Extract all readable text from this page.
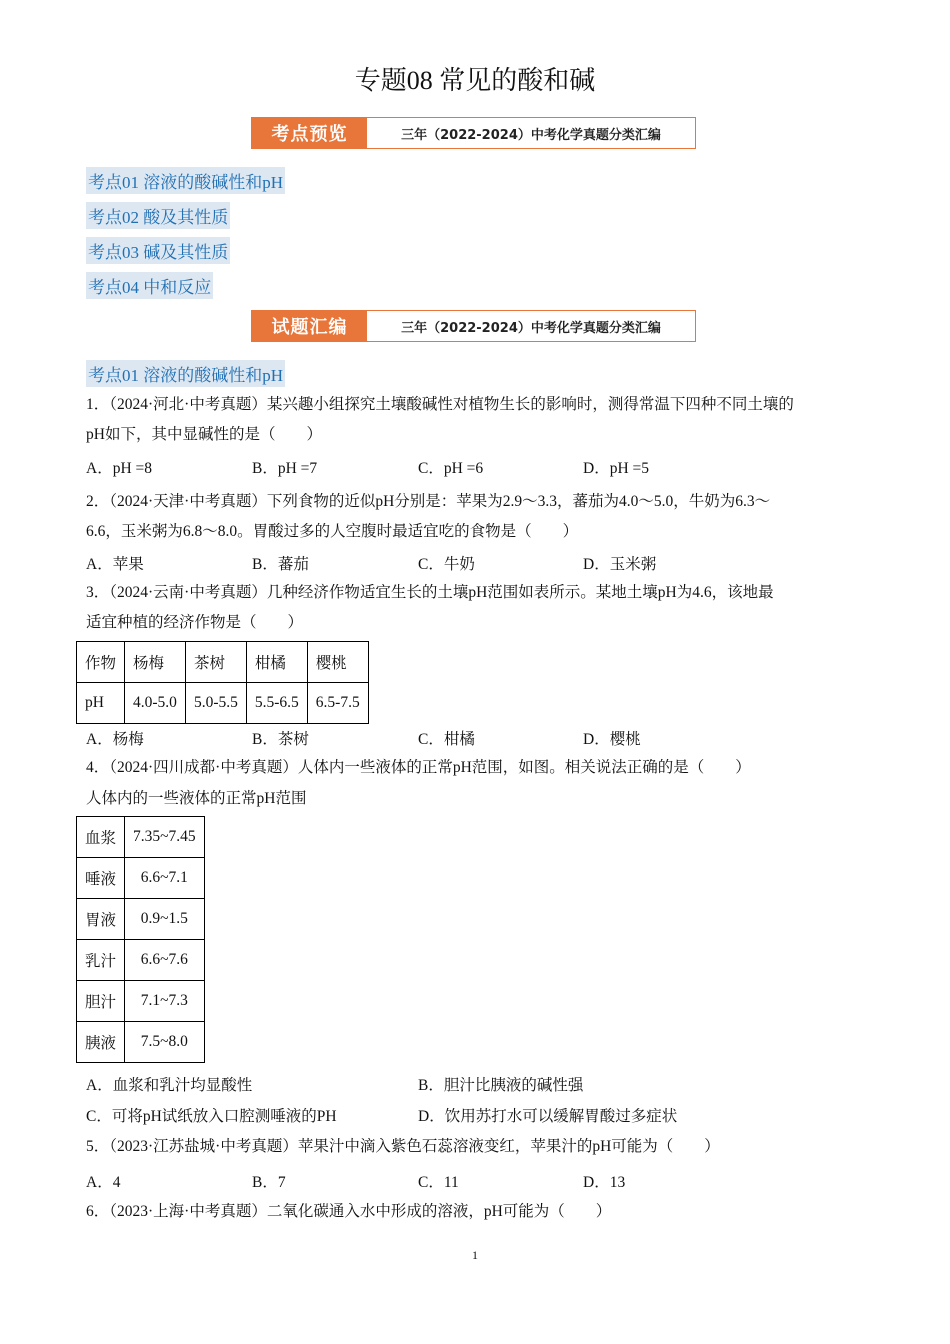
专题08 常见的酸和碱
考点预览	三年（2022-2024）中考化学真题分类汇编
考点01 溶液的酸碱性和pH
考点02 酸及其性质
考点03 碱及其性质
考点04 中和反应
试题汇编	三年（2022-2024）中考化学真题分类汇编
考点01 溶液的酸碱性和pH
1．（2024·河北·中考真题）某兴趣小组探究土壤酸碱性对植物生长的影响时，测得常温下四种不同土壤的
pH如下，其中显碱性的是（　　）
A．pH =8	B．pH =7	C．pH =6	D．pH =5
2．（2024·天津·中考真题）下列食物的近似pH分别是：苹果为2.9～3.3，蕃茄为4.0～5.0，牛奶为6.3～
6.6，玉米粥为6.8～8.0。胃酸过多的人空腹时最适宜吃的食物是（　　）
A．苹果	B．蕃茄	C．牛奶	D．玉米粥
3．（2024·云南·中考真题）几种经济作物适宜生长的土壤pH范围如表所示。某地土壤pH为4.6，该地最
适宜种植的经济作物是（　　）
作物	杨梅	茶树	柑橘	樱桃
pH	4.0-5.0	5.0-5.5	5.5-6.5	6.5-7.5
A．杨梅	B．茶树	C．柑橘	D．樱桃
4．（2024·四川成都·中考真题）人体内一些液体的正常pH范围，如图。相关说法正确的是（　　）
人体内的一些液体的正常pH范围
血浆	7.35~7.45
唾液	6.6~7.1
胃液	0.9~1.5
乳汁	6.6~7.6
胆汁	7.1~7.3
胰液	7.5~8.0
A．血浆和乳汁均显酸性	B．胆汁比胰液的碱性强
C．可将pH试纸放入口腔测唾液的PH	D．饮用苏打水可以缓解胃酸过多症状
5．（2023·江苏盐城·中考真题）苹果汁中滴入紫色石蕊溶液变红，苹果汁的pH可能为（　　）
A．4	B．7	C．11	D．13
6．（2023·上海·中考真题）二氧化碳通入水中形成的溶液，pH可能为（　　）
1
